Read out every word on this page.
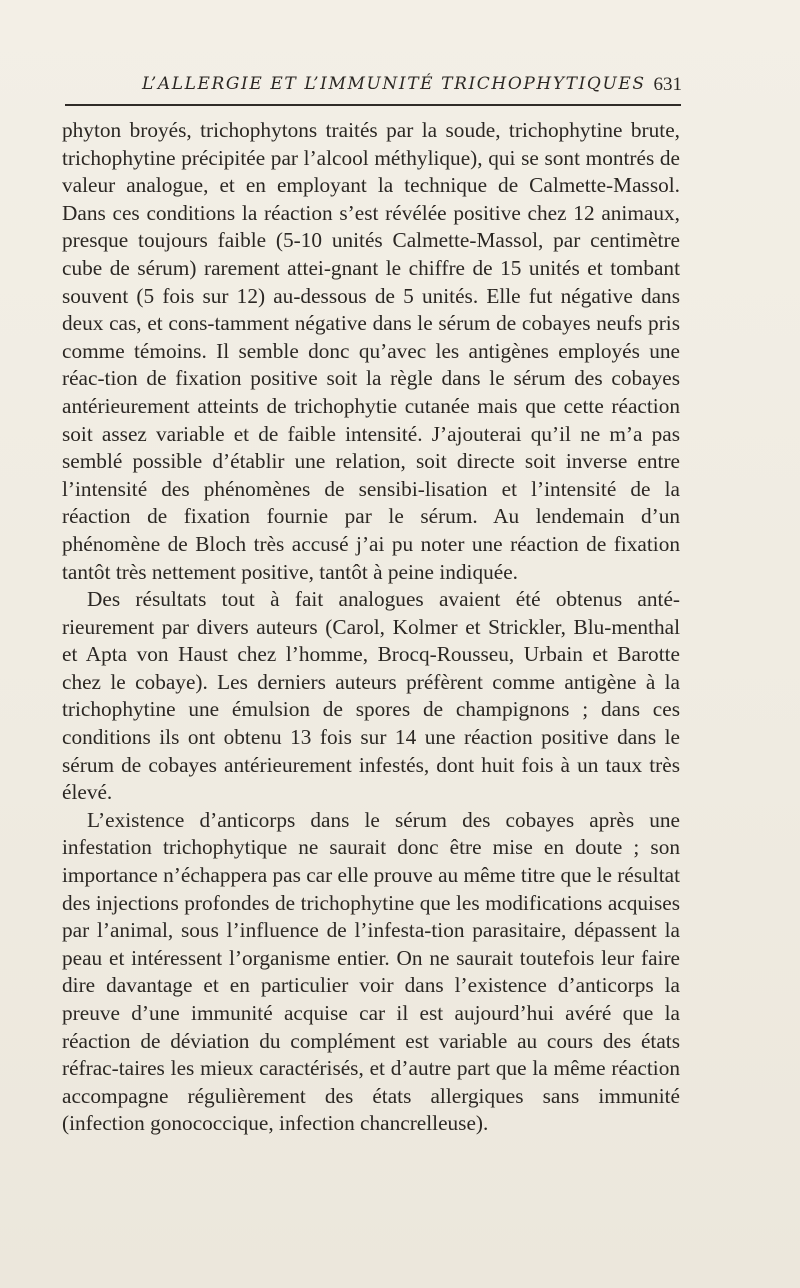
L’ALLERGIE ET L’IMMUNITÉ TRICHOPHYTIQUES 631

phyton broyés, trichophytons traités par la soude, trichophytine brute, trichophytine précipitée par l’alcool méthylique), qui se sont montrés de valeur analogue, et en employant la technique de Calmette-Massol. Dans ces conditions la réaction s’est révélée positive chez 12 animaux, presque toujours faible (5-10 unités Calmette-Massol, par centimètre cube de sérum) rarement attei-gnant le chiffre de 15 unités et tombant souvent (5 fois sur 12) au-dessous de 5 unités. Elle fut négative dans deux cas, et cons-tamment négative dans le sérum de cobayes neufs pris comme témoins. Il semble donc qu’avec les antigènes employés une réac-tion de fixation positive soit la règle dans le sérum des cobayes antérieurement atteints de trichophytie cutanée mais que cette réaction soit assez variable et de faible intensité. J’ajouterai qu’il ne m’a pas semblé possible d’établir une relation, soit directe soit inverse entre l’intensité des phénomènes de sensibi-lisation et l’intensité de la réaction de fixation fournie par le sérum. Au lendemain d’un phénomène de Bloch très accusé j’ai pu noter une réaction de fixation tantôt très nettement positive, tantôt à peine indiquée.

Des résultats tout à fait analogues avaient été obtenus anté-rieurement par divers auteurs (Carol, Kolmer et Strickler, Blu-menthal et Apta von Haust chez l’homme, Brocq-Rousseu, Urbain et Barotte chez le cobaye). Les derniers auteurs préfèrent comme antigène à la trichophytine une émulsion de spores de champignons ; dans ces conditions ils ont obtenu 13 fois sur 14 une réaction positive dans le sérum de cobayes antérieurement infestés, dont huit fois à un taux très élevé.

L’existence d’anticorps dans le sérum des cobayes après une infestation trichophytique ne saurait donc être mise en doute ; son importance n’échappera pas car elle prouve au même titre que le résultat des injections profondes de trichophytine que les modifications acquises par l’animal, sous l’influence de l’infesta-tion parasitaire, dépassent la peau et intéressent l’organisme entier. On ne saurait toutefois leur faire dire davantage et en particulier voir dans l’existence d’anticorps la preuve d’une immunité acquise car il est aujourd’hui avéré que la réaction de déviation du complément est variable au cours des états réfrac-taires les mieux caractérisés, et d’autre part que la même réaction accompagne régulièrement des états allergiques sans immunité (infection gonococcique, infection chancrelleuse).
